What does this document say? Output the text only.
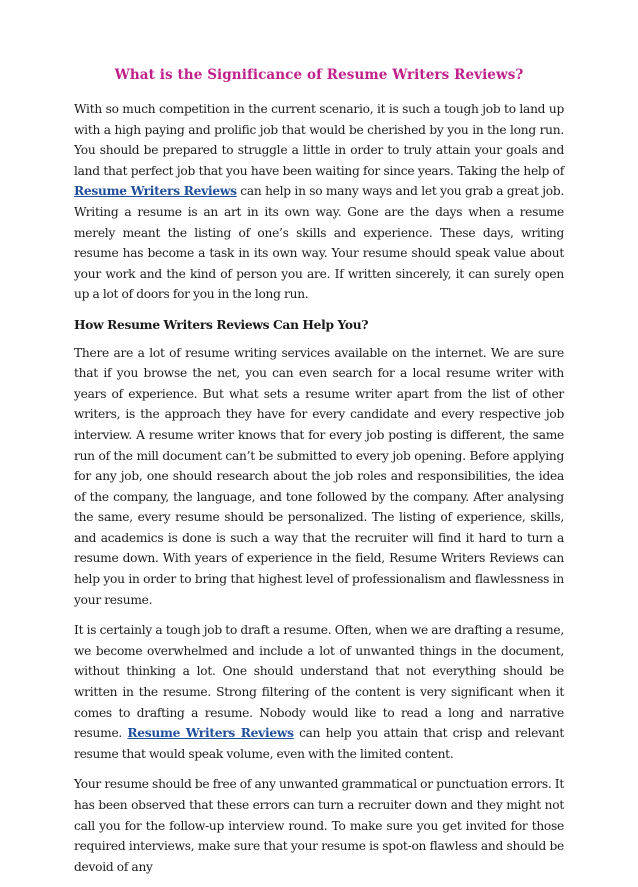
What is the Significance of Resume Writers Reviews?

With so much competition in the current scenario, it is such a tough job to land up with a high paying and prolific job that would be cherished by you in the long run. You should be prepared to struggle a little in order to truly attain your goals and land that perfect job that you have been waiting for since years. Taking the help of Resume Writers Reviews can help in so many ways and let you grab a great job. Writing a resume is an art in its own way. Gone are the days when a resume merely meant the listing of one’s skills and experience. These days, writing resume has become a task in its own way. Your resume should speak value about your work and the kind of person you are. If written sincerely, it can surely open up a lot of doors for you in the long run.

How Resume Writers Reviews Can Help You?

There are a lot of resume writing services available on the internet. We are sure that if you browse the net, you can even search for a local resume writer with years of experience. But what sets a resume writer apart from the list of other writers, is the approach they have for every candidate and every respective job interview. A resume writer knows that for every job posting is different, the same run of the mill document can’t be submitted to every job opening. Before applying for any job, one should research about the job roles and responsibilities, the idea of the company, the language, and tone followed by the company. After analysing the same, every resume should be personalized. The listing of experience, skills, and academics is done is such a way that the recruiter will find it hard to turn a resume down. With years of experience in the field, Resume Writers Reviews can help you in order to bring that highest level of professionalism and flawlessness in your resume.

It is certainly a tough job to draft a resume. Often, when we are drafting a resume, we become overwhelmed and include a lot of unwanted things in the document, without thinking a lot. One should understand that not everything should be written in the resume. Strong filtering of the content is very significant when it comes to drafting a resume. Nobody would like to read a long and narrative resume. Resume Writers Reviews can help you attain that crisp and relevant resume that would speak volume, even with the limited content.

Your resume should be free of any unwanted grammatical or punctuation errors. It has been observed that these errors can turn a recruiter down and they might not call you for the follow-up interview round. To make sure you get invited for those required interviews, make sure that your resume is spot-on flawless and should be devoid of any
